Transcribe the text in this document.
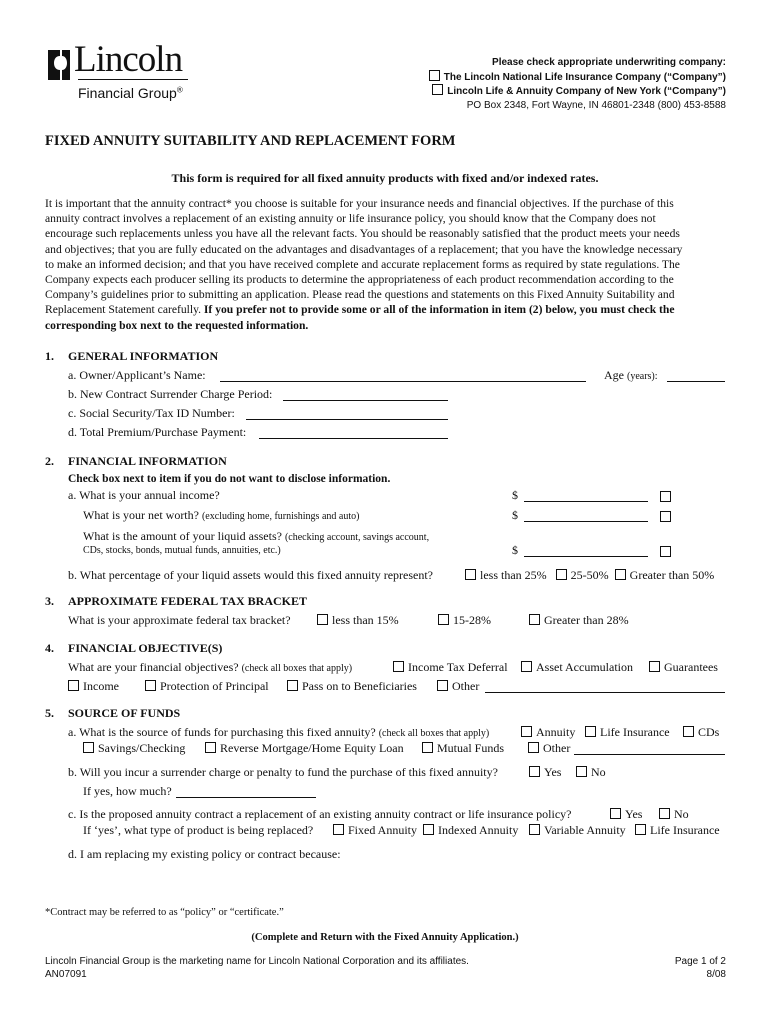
Lincoln
Financial Group®
Please check appropriate underwriting company:
The Lincoln National Life Insurance Company (“Company”)
Lincoln Life & Annuity Company of New York (“Company”)
PO Box 2348, Fort Wayne, IN 46801-2348 (800) 453-8588
FIXED ANNUITY SUITABILITY AND REPLACEMENT FORM
This form is required for all fixed annuity products with fixed and/or indexed rates.
It is important that the annuity contract* you choose is suitable for your insurance needs and financial objectives. If the purchase of this
annuity contract involves a replacement of an existing annuity or life insurance policy, you should know that the Company does not
encourage such replacements unless you have all the relevant facts. You should be reasonably satisfied that the product meets your needs
and objectives; that you are fully educated on the advantages and disadvantages of a replacement; that you have the knowledge necessary
to make an informed decision; and that you have received complete and accurate replacement forms as required by state regulations. The
Company expects each producer selling its products to determine the appropriateness of each product recommendation according to the
Company’s guidelines prior to submitting an application. Please read the questions and statements on this Fixed Annuity Suitability and
Replacement Statement carefully. If you prefer not to provide some or all of the information in item (2) below, you must check the
corresponding box next to the requested information.
1. GENERAL INFORMATION
a. Owner/Applicant’s Name:	Age (years):
b. New Contract Surrender Charge Period:
c. Social Security/Tax ID Number:
d. Total Premium/Purchase Payment:
2. FINANCIAL INFORMATION
Check box next to item if you do not want to disclose information.
a. What is your annual income?	$
What is your net worth? (excluding home, furnishings and auto)	$
What is the amount of your liquid assets? (checking account, savings account,
CDs, stocks, bonds, mutual funds, annuities, etc.)	$
b. What percentage of your liquid assets would this fixed annuity represent?	less than 25% 25-50% Greater than 50%
3. APPROXIMATE FEDERAL TAX BRACKET
What is your approximate federal tax bracket?	less than 15%	15-28%	Greater than 28%
4. FINANCIAL OBJECTIVE(S)
What are your financial objectives? (check all boxes that apply)	Income Tax Deferral	Asset Accumulation	Guarantees
Income	Protection of Principal	Pass on to Beneficiaries	Other
5. SOURCE OF FUNDS
a. What is the source of funds for purchasing this fixed annuity? (check all boxes that apply)	Annuity	Life Insurance	CDs
Savings/Checking	Reverse Mortgage/Home Equity Loan	Mutual Funds	Other
b. Will you incur a surrender charge or penalty to fund the purchase of this fixed annuity?	Yes	No
If yes, how much?
c. Is the proposed annuity contract a replacement of an existing annuity contract or life insurance policy?	Yes	No
If ‘yes’, what type of product is being replaced?	Fixed Annuity	Indexed Annuity	Variable Annuity	Life Insurance
d. I am replacing my existing policy or contract because:
*Contract may be referred to as “policy” or “certificate.”
(Complete and Return with the Fixed Annuity Application.)
Lincoln Financial Group is the marketing name for Lincoln National Corporation and its affiliates.
AN07091
Page 1 of 2
8/08
